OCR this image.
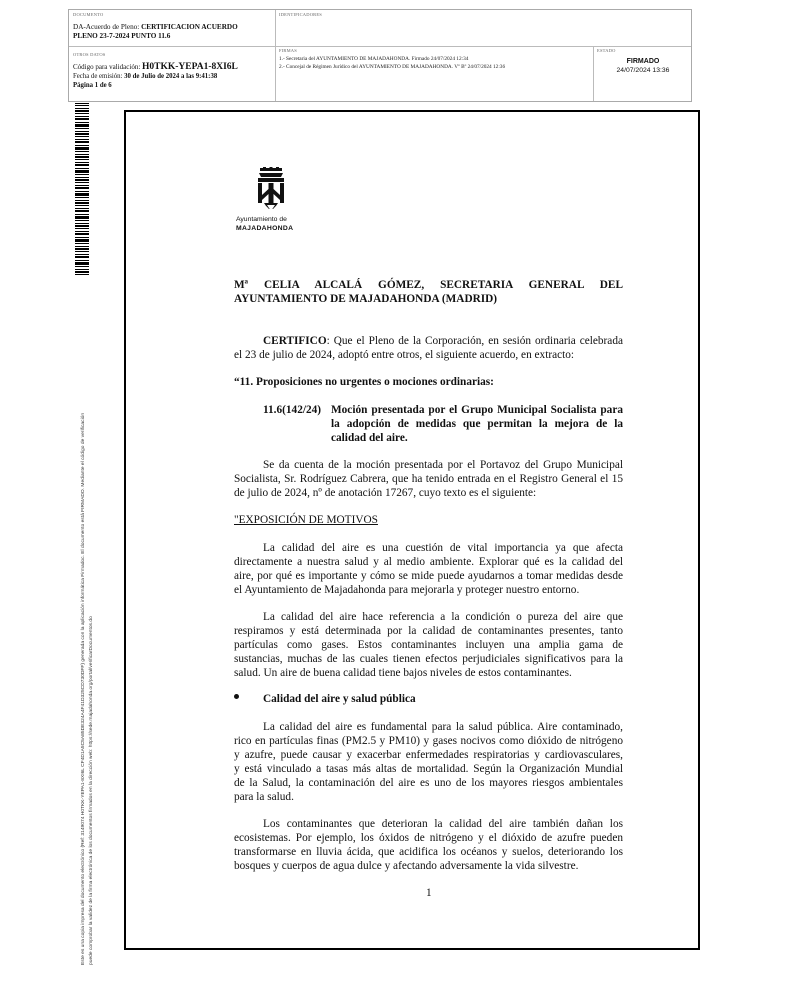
DOCUMENTO
DA-Acuerdo de Pleno: CERTIFICACION ACUERDO
PLENO 23-7-2024 PUNTO 11.6
IDENTIFICADORES
OTROS DATOS
Código para validación: H0TKK-YEPA1-8XI6L
Fecha de emisión: 30 de Julio de 2024 a las 9:41:38
Página 1 de 6
FIRMAS
1.- Secretaria del AYUNTAMIENTO DE MAJADAHONDA. Firmado 24/07/2024 12:34
2.- Concejal de Régimen Jurídico del AYUNTAMIENTO DE MAJADAHONDA. Vº Bº 24/07/2024 12:36
ESTADO
FIRMADO
24/07/2024 13:36
Este es una copia impresa del documento electrónico (Ref: 3149074 H0TKK-YEPA1-8XI6L CF4D1A5C5A85DE324A4F41D325CD730DFF) generada con la aplicación informática Firmadoc. El documento está FIRMADO. Mediante el código de verificación puede comprobar la validez de la firma electrónica de los documentos firmados en la dirección web: https://sede.majadahonda.org/portal/verificarDocumentos.do
Ayuntamiento de
MAJADAHONDA
Mª CELIA ALCALÁ GÓMEZ, SECRETARIA GENERAL DEL
AYUNTAMIENTO DE MAJADAHONDA (MADRID)
CERTIFICO: Que el Pleno de la Corporación, en sesión ordinaria celebrada
el 23 de julio de 2024, adoptó entre otros, el siguiente acuerdo, en extracto:
“11. Proposiciones no urgentes o mociones ordinarias:
11.6(142/24) Moción presentada por el Grupo Municipal Socialista para
la adopción de medidas que permitan la mejora de la
calidad del aire.
Se da cuenta de la moción presentada por el Portavoz del Grupo Municipal
Socialista, Sr. Rodríguez Cabrera, que ha tenido entrada en el Registro General el 15
de julio de 2024, nº de anotación 17267, cuyo texto es el siguiente:
"EXPOSICIÓN DE MOTIVOS
La calidad del aire es una cuestión de vital importancia ya que afecta
directamente a nuestra salud y al medio ambiente. Explorar qué es la calidad del
aire, por qué es importante y cómo se mide puede ayudarnos a tomar medidas desde
el Ayuntamiento de Majadahonda para mejorarla y proteger nuestro entorno.
La calidad del aire hace referencia a la condición o pureza del aire que
respiramos y está determinada por la calidad de contaminantes presentes, tanto
partículas como gases. Estos contaminantes incluyen una amplia gama de
sustancias, muchas de las cuales tienen efectos perjudiciales significativos para la
salud. Un aire de buena calidad tiene bajos niveles de estos contaminantes.
Calidad del aire y salud pública
La calidad del aire es fundamental para la salud pública. Aire contaminado,
rico en partículas finas (PM2.5 y PM10) y gases nocivos como dióxido de nitrógeno
y azufre, puede causar y exacerbar enfermedades respiratorias y cardiovasculares,
y está vinculado a tasas más altas de mortalidad. Según la Organización Mundial
de la Salud, la contaminación del aire es uno de los mayores riesgos ambientales
para la salud.
Los contaminantes que deterioran la calidad del aire también dañan los
ecosistemas. Por ejemplo, los óxidos de nitrógeno y el dióxido de azufre pueden
transformarse en lluvia ácida, que acidifica los océanos y suelos, deteriorando los
bosques y cuerpos de agua dulce y afectando adversamente la vida silvestre.
1
